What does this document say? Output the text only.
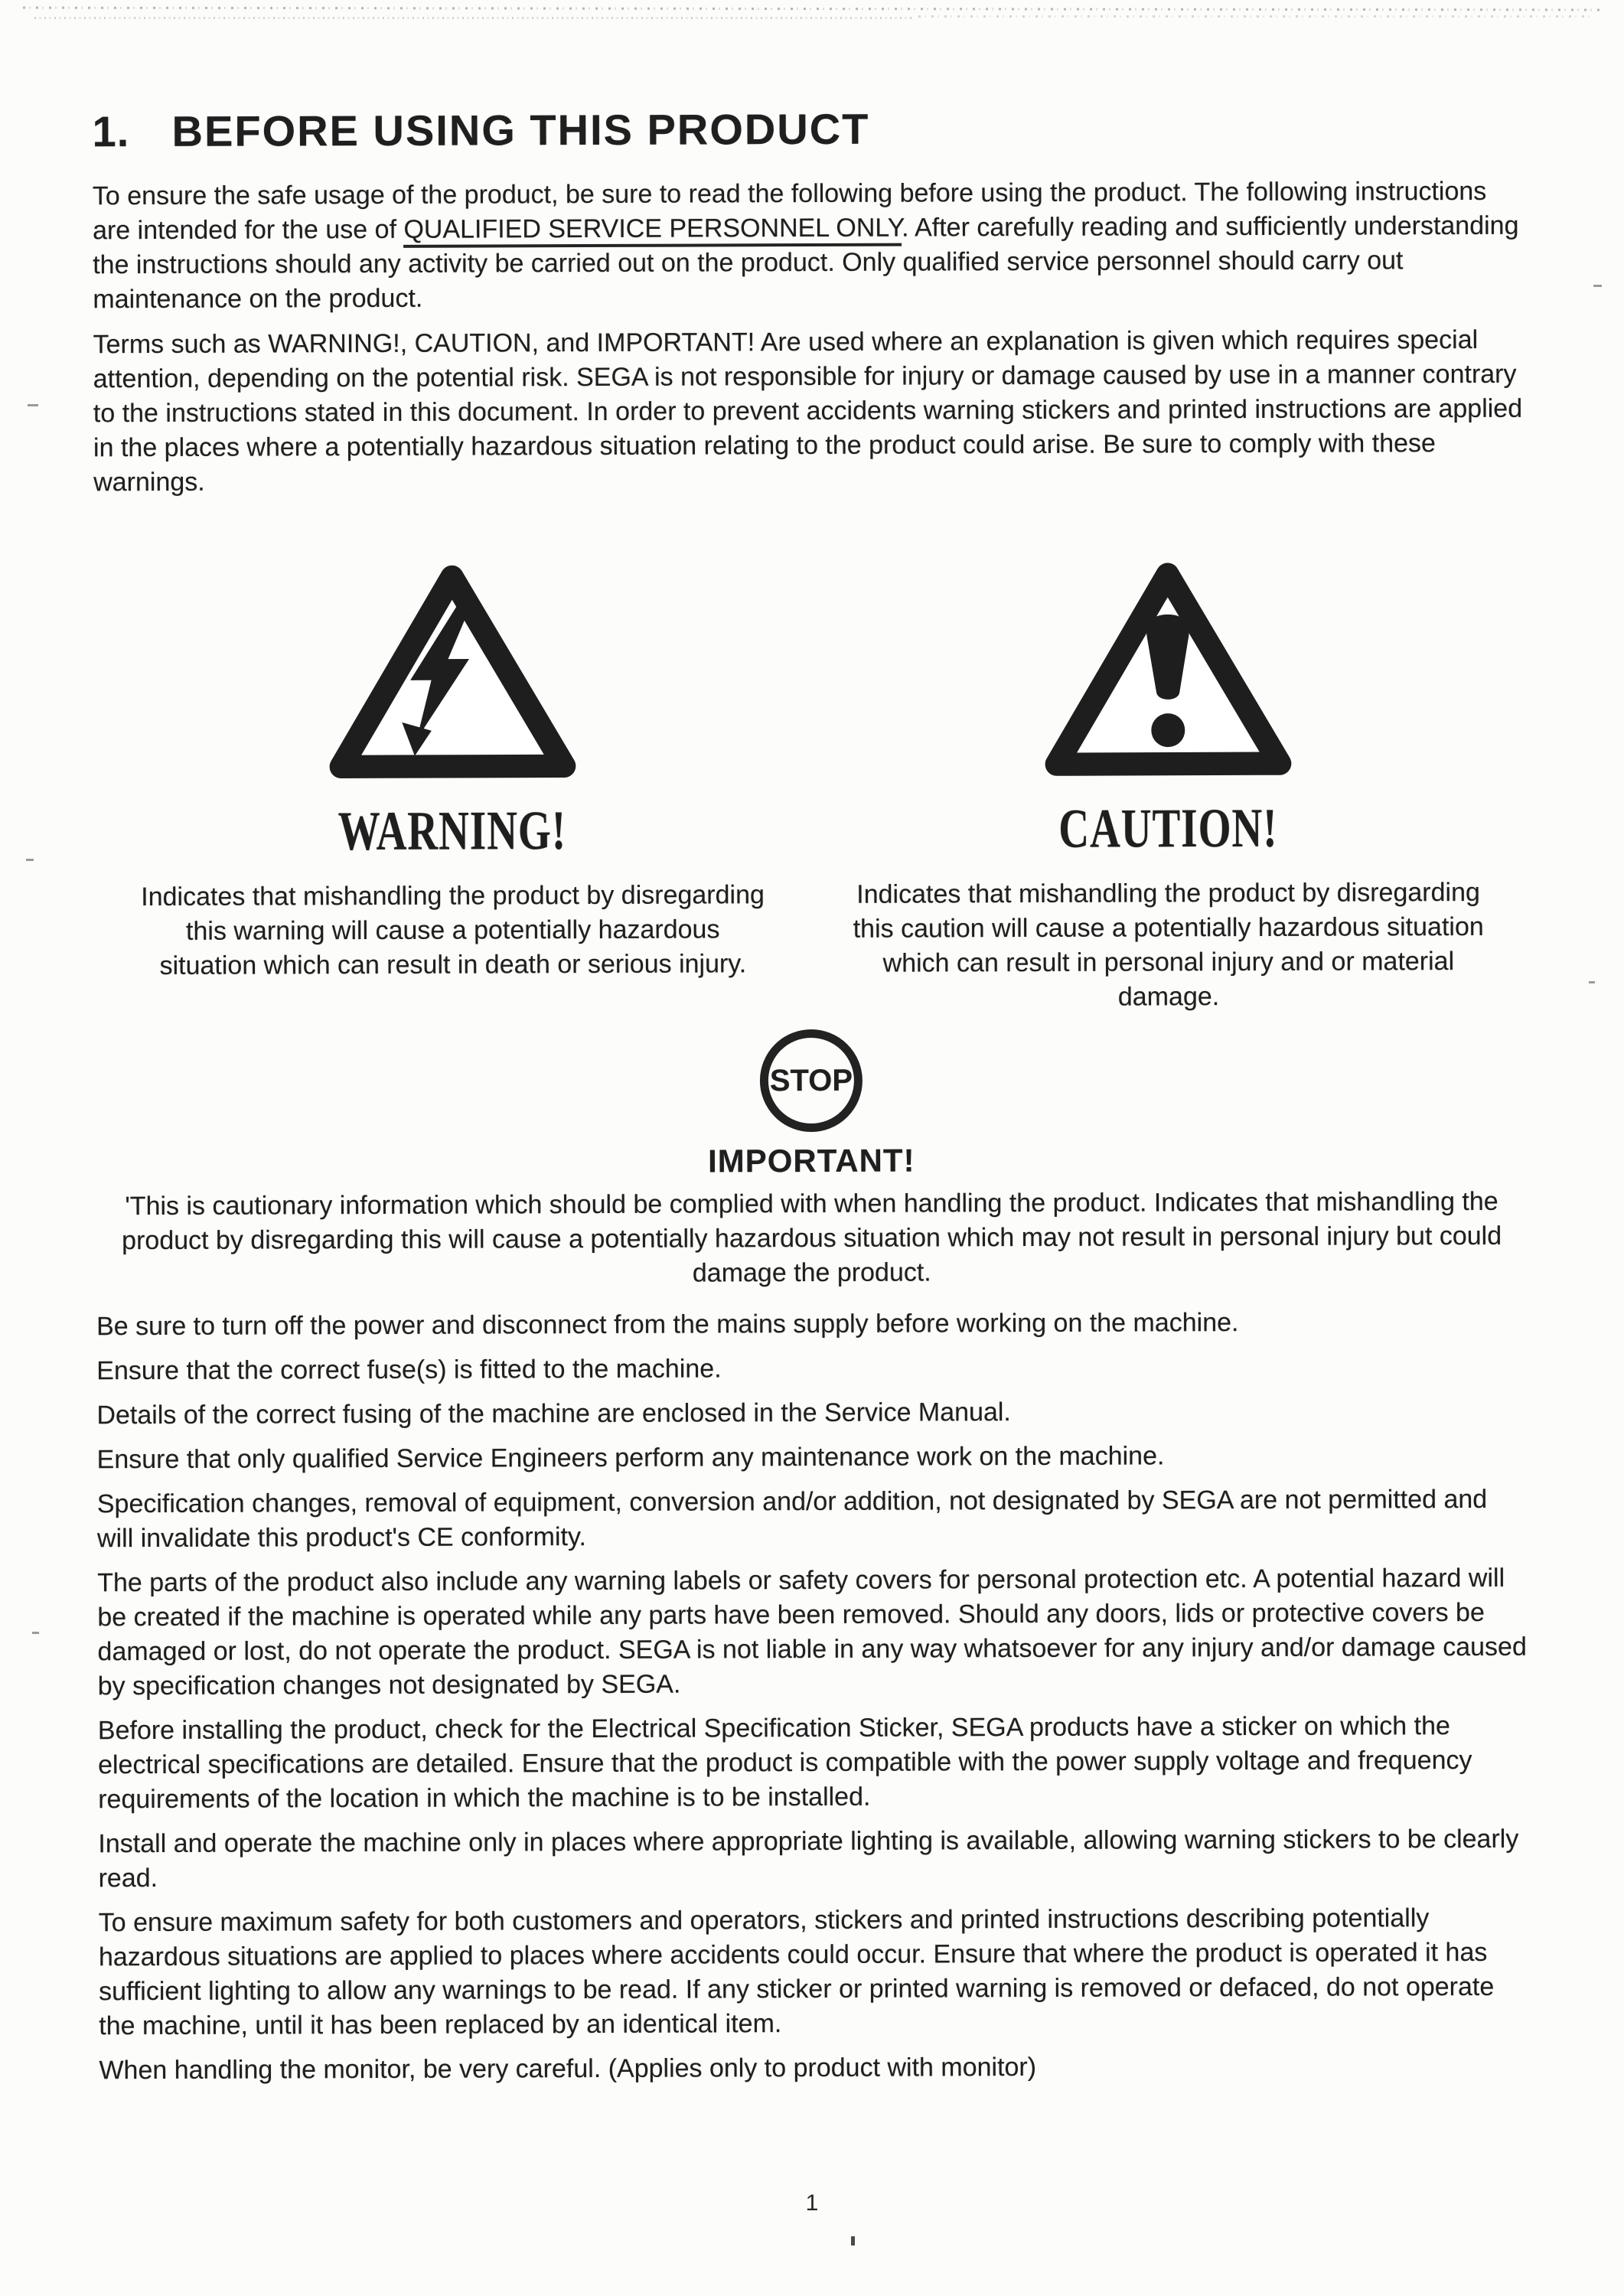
1. BEFORE USING THIS PRODUCT

To ensure the safe usage of the product, be sure to read the following before using the product. The following instructions are intended for the use of QUALIFIED SERVICE PERSONNEL ONLY. After carefully reading and sufficiently understanding the instructions should any activity be carried out on the product. Only qualified service personnel should carry out maintenance on the product.

Terms such as WARNING!, CAUTION, and IMPORTANT! Are used where an explanation is given which requires special attention, depending on the potential risk. SEGA is not responsible for injury or damage caused by use in a manner contrary to the instructions stated in this document. In order to prevent accidents warning stickers and printed instructions are applied in the places where a potentially hazardous situation relating to the product could arise. Be sure to comply with these warnings.

WARNING!

Indicates that mishandling the product by disregarding this warning will cause a potentially hazardous situation which can result in death or serious injury.

CAUTION!

Indicates that mishandling the product by disregarding this caution will cause a potentially hazardous situation which can result in personal injury and or material damage.

STOP
IMPORTANT!

'This is cautionary information which should be complied with when handling the product. Indicates that mishandling the product by disregarding this will cause a potentially hazardous situation which may not result in personal injury but could damage the product.

Be sure to turn off the power and disconnect from the mains supply before working on the machine.

Ensure that the correct fuse(s) is fitted to the machine.

Details of the correct fusing of the machine are enclosed in the Service Manual.

Ensure that only qualified Service Engineers perform any maintenance work on the machine.

Specification changes, removal of equipment, conversion and/or addition, not designated by SEGA are not permitted and will invalidate this product's CE conformity.

The parts of the product also include any warning labels or safety covers for personal protection etc. A potential hazard will be created if the machine is operated while any parts have been removed. Should any doors, lids or protective covers be damaged or lost, do not operate the product. SEGA is not liable in any way whatsoever for any injury and/or damage caused by specification changes not designated by SEGA.

Before installing the product, check for the Electrical Specification Sticker, SEGA products have a sticker on which the electrical specifications are detailed. Ensure that the product is compatible with the power supply voltage and frequency requirements of the location in which the machine is to be installed.

Install and operate the machine only in places where appropriate lighting is available, allowing warning stickers to be clearly read.

To ensure maximum safety for both customers and operators, stickers and printed instructions describing potentially hazardous situations are applied to places where accidents could occur. Ensure that where the product is operated it has sufficient lighting to allow any warnings to be read. If any sticker or printed warning is removed or defaced, do not operate the machine, until it has been replaced by an identical item.

When handling the monitor, be very careful. (Applies only to product with monitor)

1
